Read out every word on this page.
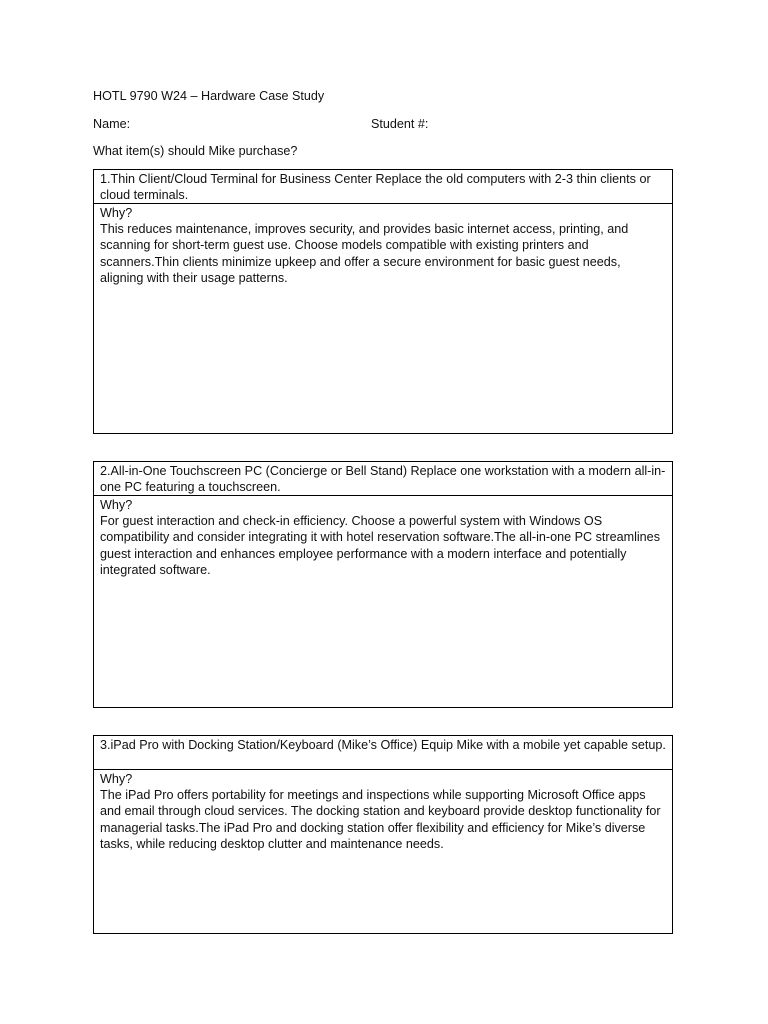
HOTL 9790 W24 – Hardware Case Study
Name:	Student #:
What item(s) should Mike purchase?
1.Thin Client/Cloud Terminal for Business Center Replace the old computers with 2-3 thin clients or cloud terminals.
Why?
This reduces maintenance, improves security, and provides basic internet access, printing, and scanning for short-term guest use. Choose models compatible with existing printers and scanners.Thin clients minimize upkeep and offer a secure environment for basic guest needs, aligning with their usage patterns.
2.All-in-One Touchscreen PC (Concierge or Bell Stand) Replace one workstation with a modern all-in-one PC featuring a touchscreen.
Why?
For guest interaction and check-in efficiency. Choose a powerful system with Windows OS compatibility and consider integrating it with hotel reservation software.The all-in-one PC streamlines guest interaction and enhances employee performance with a modern interface and potentially integrated software.
3.iPad Pro with Docking Station/Keyboard (Mike’s Office) Equip Mike with a mobile yet capable setup.
Why?
The iPad Pro offers portability for meetings and inspections while supporting Microsoft Office apps and email through cloud services. The docking station and keyboard provide desktop functionality for managerial tasks.The iPad Pro and docking station offer flexibility and efficiency for Mike’s diverse tasks, while reducing desktop clutter and maintenance needs.
